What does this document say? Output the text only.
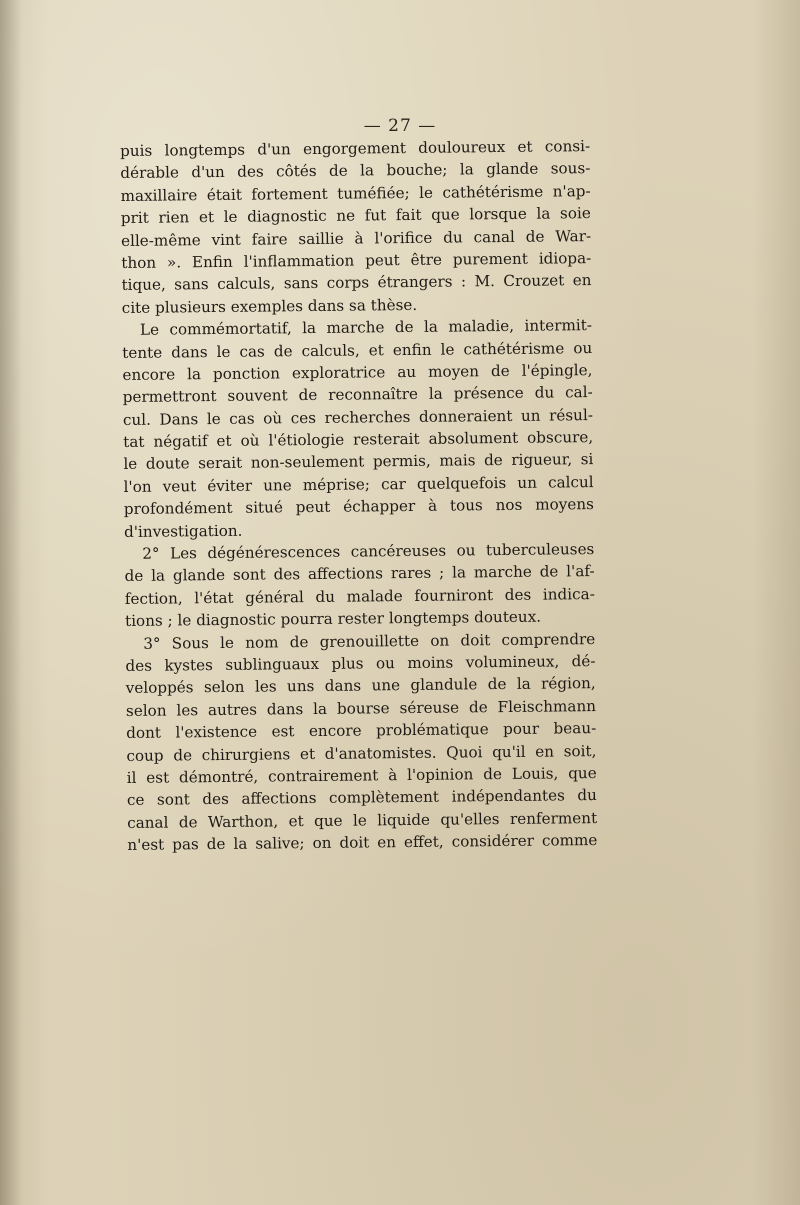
— 27 —
puis longtemps d'un engorgement douloureux et consi-
dérable d'un des côtés de la bouche; la glande sous-
maxillaire était fortement tuméfiée; le cathétérisme n'ap-
prit rien et le diagnostic ne fut fait que lorsque la soie
elle-même vint faire saillie à l'orifice du canal de War-
thon ». Enfin l'inflammation peut être purement idiopa-
tique, sans calculs, sans corps étrangers : M. Crouzet en
cite plusieurs exemples dans sa thèse.
Le commémortatif, la marche de la maladie, intermit-
tente dans le cas de calculs, et enfin le cathétérisme ou
encore la ponction exploratrice au moyen de l'épingle,
permettront souvent de reconnaître la présence du cal-
cul. Dans le cas où ces recherches donneraient un résul-
tat négatif et où l'étiologie resterait absolument obscure,
le doute serait non-seulement permis, mais de rigueur, si
l'on veut éviter une méprise; car quelquefois un calcul
profondément situé peut échapper à tous nos moyens
d'investigation.
2° Les dégénérescences cancéreuses ou tuberculeuses
de la glande sont des affections rares ; la marche de l'af-
fection, l'état général du malade fourniront des indica-
tions ; le diagnostic pourra rester longtemps douteux.
3° Sous le nom de grenouillette on doit comprendre
des kystes sublinguaux plus ou moins volumineux, dé-
veloppés selon les uns dans une glandule de la région,
selon les autres dans la bourse séreuse de Fleischmann
dont l'existence est encore problématique pour beau-
coup de chirurgiens et d'anatomistes. Quoi qu'il en soit,
il est démontré, contrairement à l'opinion de Louis, que
ce sont des affections complètement indépendantes du
canal de Warthon, et que le liquide qu'elles renferment
n'est pas de la salive; on doit en effet, considérer comme
